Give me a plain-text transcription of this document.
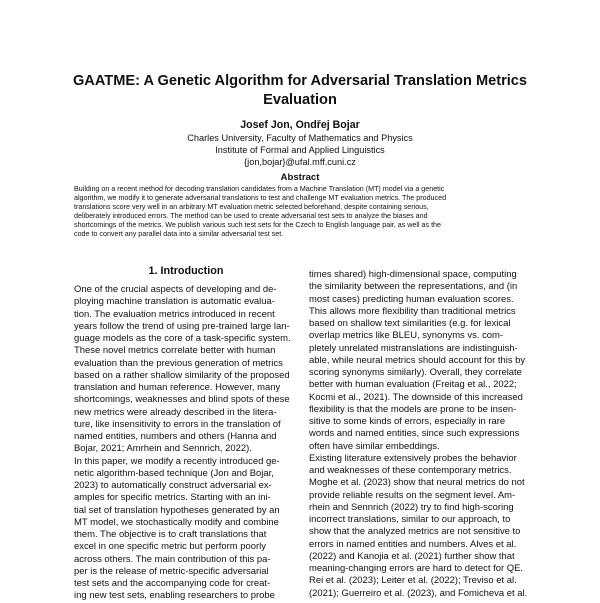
GAATME: A Genetic Algorithm for Adversarial Translation Metrics
Evaluation
Josef Jon, Ondřej Bojar
Charles University, Faculty of Mathematics and Physics
Institute of Formal and Applied Linguistics
{jon,bojar}@ufal.mff.cuni.cz
Abstract
Building on a recent method for decoding translation candidates from a Machine Translation (MT) model via a genetic
algorithm, we modify it to generate adversarial translations to test and challenge MT evaluation metrics. The produced
translations score very well in an arbitrary MT evaluation metric selected beforehand, despite containing serious,
deliberately introduced errors. The method can be used to create adversarial test sets to analyze the biases and
shortcomings of the metrics. We publish various such test sets for the Czech to English language pair, as well as the
code to convert any parallel data into a similar adversarial test set.
1. Introduction
One of the crucial aspects of developing and de-
ploying machine translation is automatic evalua-
tion. The evaluation metrics introduced in recent
years follow the trend of using pre-trained large lan-
guage models as the core of a task-specific system.
These novel metrics correlate better with human
evaluation than the previous generation of metrics
based on a rather shallow similarity of the proposed
translation and human reference. However, many
shortcomings, weaknesses and blind spots of these
new metrics were already described in the litera-
ture, like insensitivity to errors in the translation of
named entities, numbers and others (Hanna and
Bojar, 2021; Amrhein and Sennrich, 2022).
In this paper, we modify a recently introduced ge-
netic algorithm-based technique (Jon and Bojar,
2023) to automatically construct adversarial ex-
amples for specific metrics. Starting with an ini-
tial set of translation hypotheses generated by an
MT model, we stochastically modify and combine
them. The objective is to craft translations that
excel in one specific metric but perform poorly
across others. The main contribution of this pa-
per is the release of metric-specific adversarial
test sets and the accompanying code for creat-
ing new test sets, enabling researchers to probe
times shared) high-dimensional space, computing
the similarity between the representations, and (in
most cases) predicting human evaluation scores.
This allows more flexibility than traditional metrics
based on shallow text similarities (e.g. for lexical
overlap metrics like BLEU, synonyms vs. com-
pletely unrelated mistranslations are indistinguish-
able, while neural metrics should account for this by
scoring synonyms similarly). Overall, they correlate
better with human evaluation (Freitag et al., 2022;
Kocmi et al., 2021). The downside of this increased
flexibility is that the models are prone to be insen-
sitive to some kinds of errors, especially in rare
words and named entities, since such expressions
often have similar embeddings.
Existing literature extensively probes the behavior
and weaknesses of these contemporary metrics.
Moghe et al. (2023) show that neural metrics do not
provide reliable results on the segment level. Am-
rhein and Sennrich (2022) try to find high-scoring
incorrect translations, similar to our approach, to
show that the analyzed metrics are not sensitive to
errors in named entities and numbers. Alves et al.
(2022) and Kanojia et al. (2021) further show that
meaning-changing errors are hard to detect for QE.
Rei et al. (2023); Leiter et al. (2022); Treviso et al.
(2021); Guerreiro et al. (2023), and Fomicheva et al.
